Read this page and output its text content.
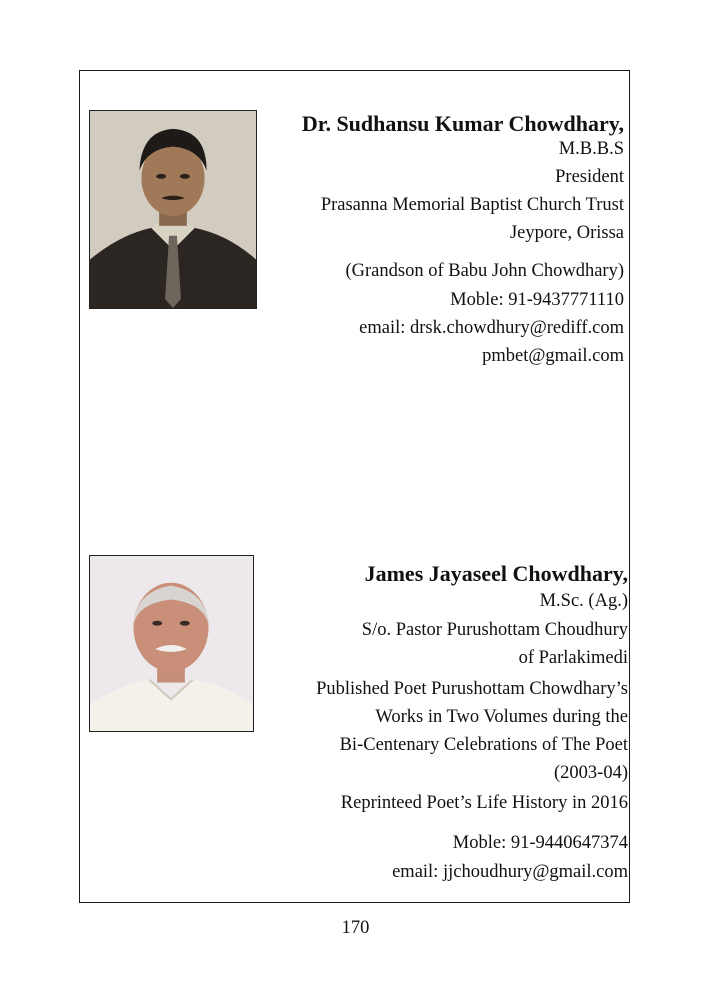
Dr. Sudhansu Kumar Chowdhary,
M.B.B.S
President
Prasanna Memorial Baptist Church Trust
Jeypore, Orissa
(Grandson of Babu John Chowdhary)
Moble: 91-9437771110
email: drsk.chowdhury@rediff.com
pmbet@gmail.com
James Jayaseel Chowdhary,
M.Sc. (Ag.)
S/o. Pastor Purushottam Choudhury
of Parlakimedi
Published Poet Purushottam Chowdhary’s
Works in Two Volumes during the
Bi-Centenary Celebrations of The Poet
(2003-04)
Reprinteed Poet’s Life History in 2016
Moble: 91-9440647374
email: jjchoudhury@gmail.com
170
